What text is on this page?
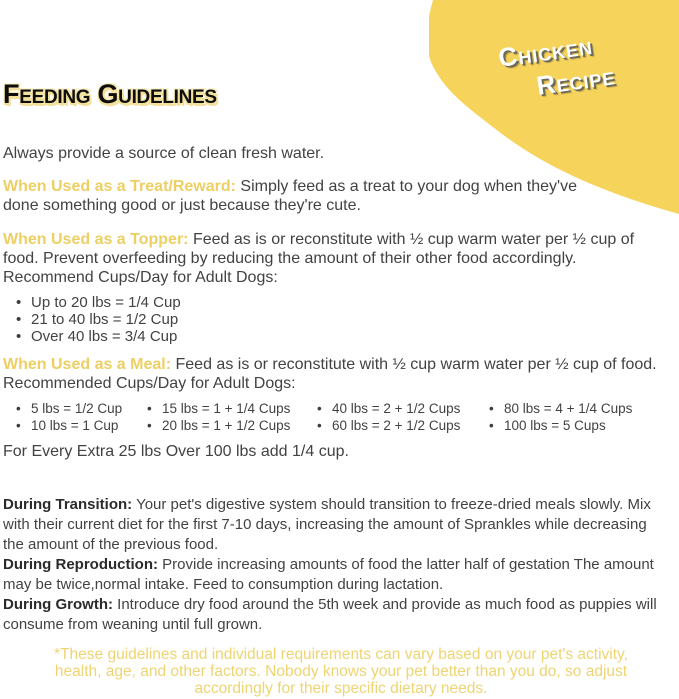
Chicken
Recipe
Feeding Guidelines

Always provide a source of clean fresh water.

When Used as a Treat/Reward: Simply feed as a treat to your dog when they've done something good or just because they're cute.

When Used as a Topper: Feed as is or reconstitute with ½ cup warm water per ½ cup of food. Prevent overfeeding by reducing the amount of their other food accordingly. Recommend Cups/Day for Adult Dogs:

• Up to 20 lbs = 1/4 Cup
• 21 to 40 lbs = 1/2 Cup
• Over 40 lbs = 3/4 Cup

When Used as a Meal: Feed as is or reconstitute with ½ cup warm water per ½ cup of food. Recommended Cups/Day for Adult Dogs:

• 5 lbs = 1/2 Cup
• 10 lbs = 1 Cup
• 15 lbs = 1 + 1/4 Cups
• 20 lbs = 1 + 1/2 Cups
• 40 lbs = 2 + 1/2 Cups
• 60 lbs = 2 + 1/2 Cups
• 80 lbs = 4 + 1/4 Cups
• 100 lbs = 5 Cups

For Every Extra 25 lbs Over 100 lbs add 1/4 cup.

During Transition: Your pet's digestive system should transition to freeze-dried meals slowly. Mix with their current diet for the first 7-10 days, increasing the amount of Sprankles while decreasing the amount of the previous food.

During Reproduction: Provide increasing amounts of food the latter half of gestation The amount may be twice,normal intake. Feed to consumption during lactation.

During Growth: Introduce dry food around the 5th week and provide as much food as puppies will consume from weaning until full grown.

*These guidelines and individual requirements can vary based on your pet's activity, health, age, and other factors. Nobody knows your pet better than you do, so adjust accordingly for their specific dietary needs.
